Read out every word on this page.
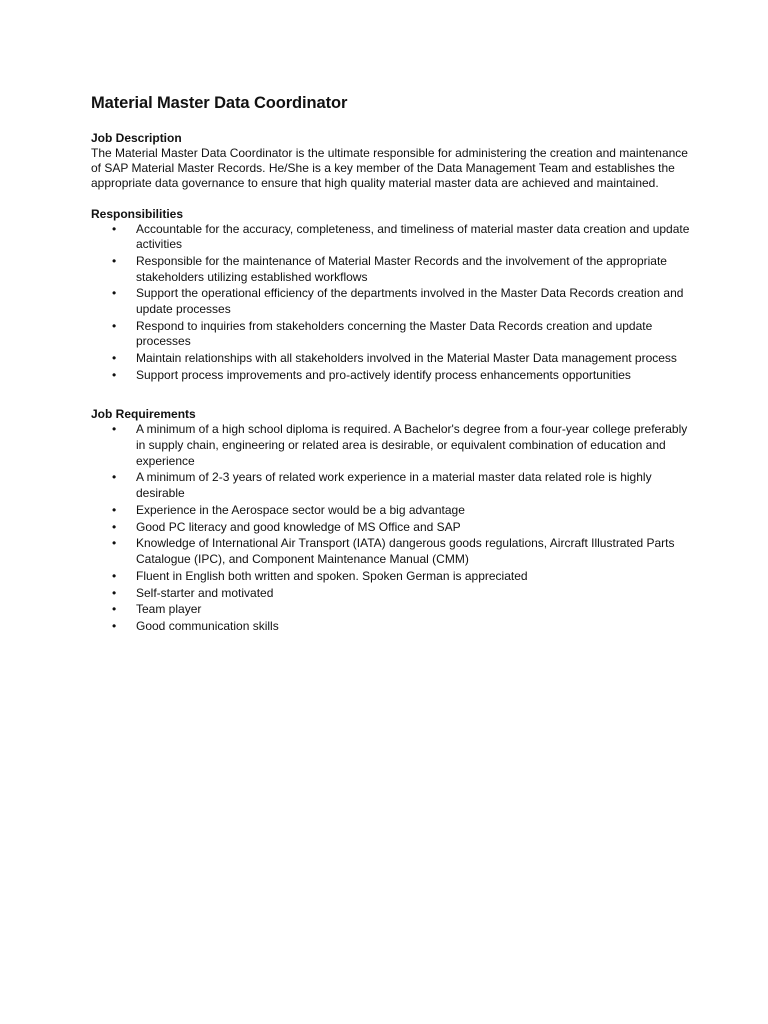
Material Master Data Coordinator

Job Description

The Material Master Data Coordinator is the ultimate responsible for administering the creation and maintenance of SAP Material Master Records. He/She is a key member of the Data Management Team and establishes the appropriate data governance to ensure that high quality material master data are achieved and maintained.

Responsibilities

• Accountable for the accuracy, completeness, and timeliness of material master data creation and update activities
• Responsible for the maintenance of Material Master Records and the involvement of the appropriate stakeholders utilizing established workflows
• Support the operational efficiency of the departments involved in the Master Data Records creation and update processes
• Respond to inquiries from stakeholders concerning the Master Data Records creation and update processes
• Maintain relationships with all stakeholders involved in the Material Master Data management process
• Support process improvements and pro-actively identify process enhancements opportunities

Job Requirements

• A minimum of a high school diploma is required. A Bachelor's degree from a four-year college preferably in supply chain, engineering or related area is desirable, or equivalent combination of education and experience
• A minimum of 2-3 years of related work experience in a material master data related role is highly desirable
• Experience in the Aerospace sector would be a big advantage
• Good PC literacy and good knowledge of MS Office and SAP
• Knowledge of International Air Transport (IATA) dangerous goods regulations, Aircraft Illustrated Parts Catalogue (IPC), and Component Maintenance Manual (CMM)
• Fluent in English both written and spoken. Spoken German is appreciated
• Self-starter and motivated
• Team player
• Good communication skills
